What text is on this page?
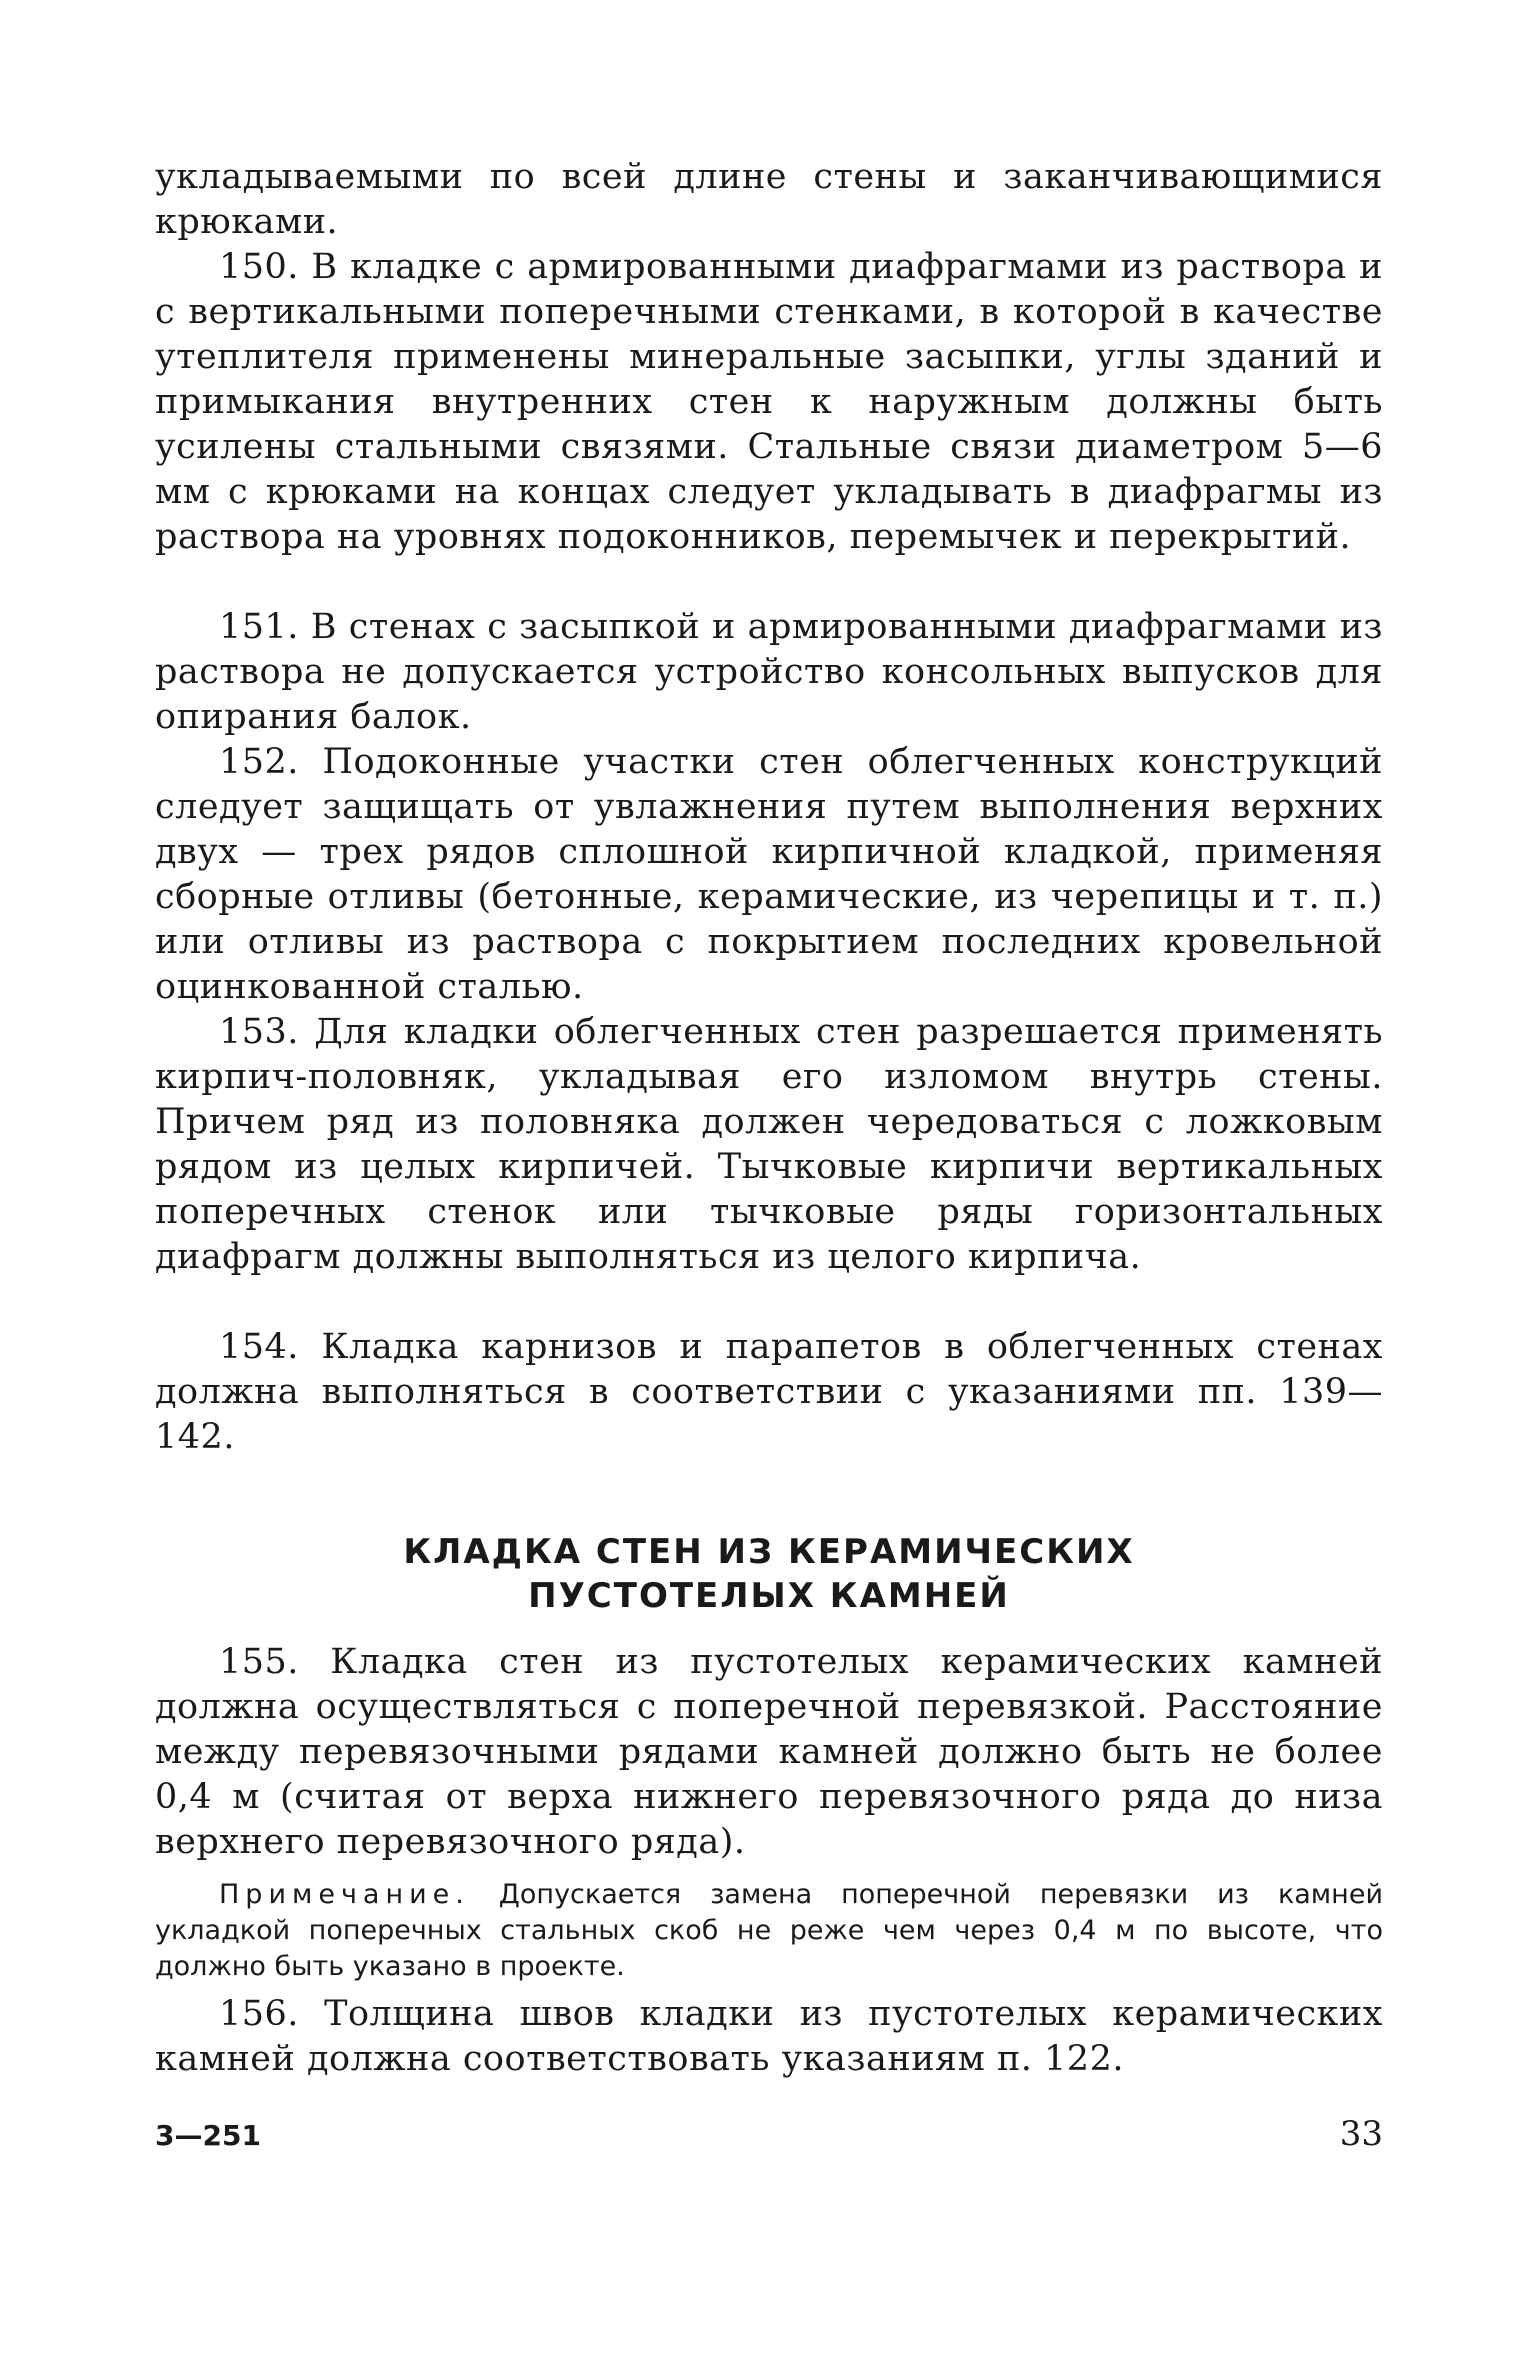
укладываемыми по всей длине стены и заканчивающимися крюками.

150. В кладке с армированными диафрагмами из раствора и с вертикальными поперечными стенками, в которой в качестве утеплителя применены минеральные засыпки, углы зданий и примыкания внутренних стен к наружным должны быть усилены стальными связями. Стальные связи диаметром 5—6 мм с крюками на концах следует укладывать в диафрагмы из раствора на уровнях подоконников, перемычек и перекрытий.

151. В стенах с засыпкой и армированными диафрагмами из раствора не допускается устройство консольных выпусков для опирания балок.

152. Подоконные участки стен облегченных конструкций следует защищать от увлажнения путем выполнения верхних двух — трех рядов сплошной кирпичной кладкой, применяя сборные отливы (бетонные, керамические, из черепицы и т. п.) или отливы из раствора с покрытием последних кровельной оцинкованной сталью.

153. Для кладки облегченных стен разрешается применять кирпич-половняк, укладывая его изломом внутрь стены. Причем ряд из половняка должен чередоваться с ложковым рядом из целых кирпичей. Тычковые кирпичи вертикальных поперечных стенок или тычковые ряды горизонтальных диафрагм должны выполняться из целого кирпича.

154. Кладка карнизов и парапетов в облегченных стенах должна выполняться в соответствии с указаниями пп. 139—142.

КЛАДКА СТЕН ИЗ КЕРАМИЧЕСКИХ

ПУСТОТЕЛЫХ КАМНЕЙ

155. Кладка стен из пустотелых керамических камней должна осуществляться с поперечной перевязкой. Расстояние между перевязочными рядами камней должно быть не более 0,4 м (считая от верха нижнего перевязочного ряда до низа верхнего перевязочного ряда).

Примечание. Допускается замена поперечной перевязки из камней укладкой поперечных стальных скоб не реже чем через 0,4 м по высоте, что должно быть указано в проекте.

156. Толщина швов кладки из пустотелых керамических камней должна соответствовать указаниям п. 122.

3—251	33
